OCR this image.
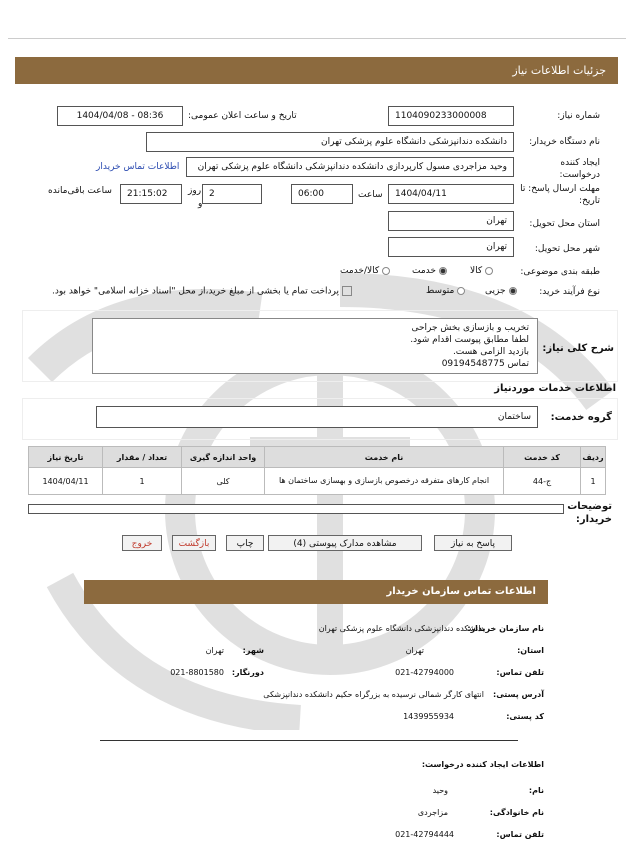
جزئیات اطلاعات نیاز
شماره نیاز:
1104090233000008
تاریخ و ساعت اعلان عمومی:
1404/04/08 - 08:36
نام دستگاه خریدار:
دانشکده دندانپزشکی دانشگاه علوم پزشکی تهران
ایجاد کننده درخواست:
وحید مزاجردی مسول کارپردازی دانشکده دندانپزشکی دانشگاه علوم پزشکی تهران
اطلاعات تماس خریدار
مهلت ارسال پاسخ: تا تاریخ:
1404/04/11
ساعت
06:00
2
روز
و
21:15:02
ساعت باقی‌مانده
استان محل تحویل:
تهران
شهر محل تحویل:
تهران
طبقه بندی موضوعی:
کالا
خدمت
کالا/خدمت
نوع فرآیند خرید:
جزیی
متوسط
پرداخت تمام یا بخشی از مبلغ خرید،از محل "اسناد خزانه اسلامی" خواهد بود.
شرح کلی نیاز:
تخریب و بازسازی بخش جراحی
لطفا مطابق پیوست اقدام شود.
بازدید الزامی هست.
تماس 09194548775
اطلاعات خدمات موردنیاز
گروه خدمت:
ساختمان
ردیف	کد خدمت	نام خدمت	واحد اندازه گیری	تعداد / مقدار	تاریخ نیاز
1	ج-44	انجام کارهای متفرقه درخصوص بازسازی و بهسازی ساختمان ها	کلی	1	1404/04/11
توضیحات خریدار:
پاسخ به نیاز
مشاهده مدارک پیوستی (4)
چاپ
بازگشت
خروج
اطلاعات تماس سازمان خریدار
نام سازمان خریدار:
دانشکده دندانپزشکی دانشگاه علوم پزشکی تهران
استان:
تهران
شهر:
تهران
تلفن تماس:
021-42794000
دورنگار:
021-8801580
آدرس پستی:
انتهای کارگر شمالی نرسیده به بزرگراه حکیم دانشکده دندانپزشکی
کد پستی:
1439955934
اطلاعات ایجاد کننده درخواست:
نام:
وحید
نام خانوادگی:
مزاجردی
تلفن تماس:
021-42794444
